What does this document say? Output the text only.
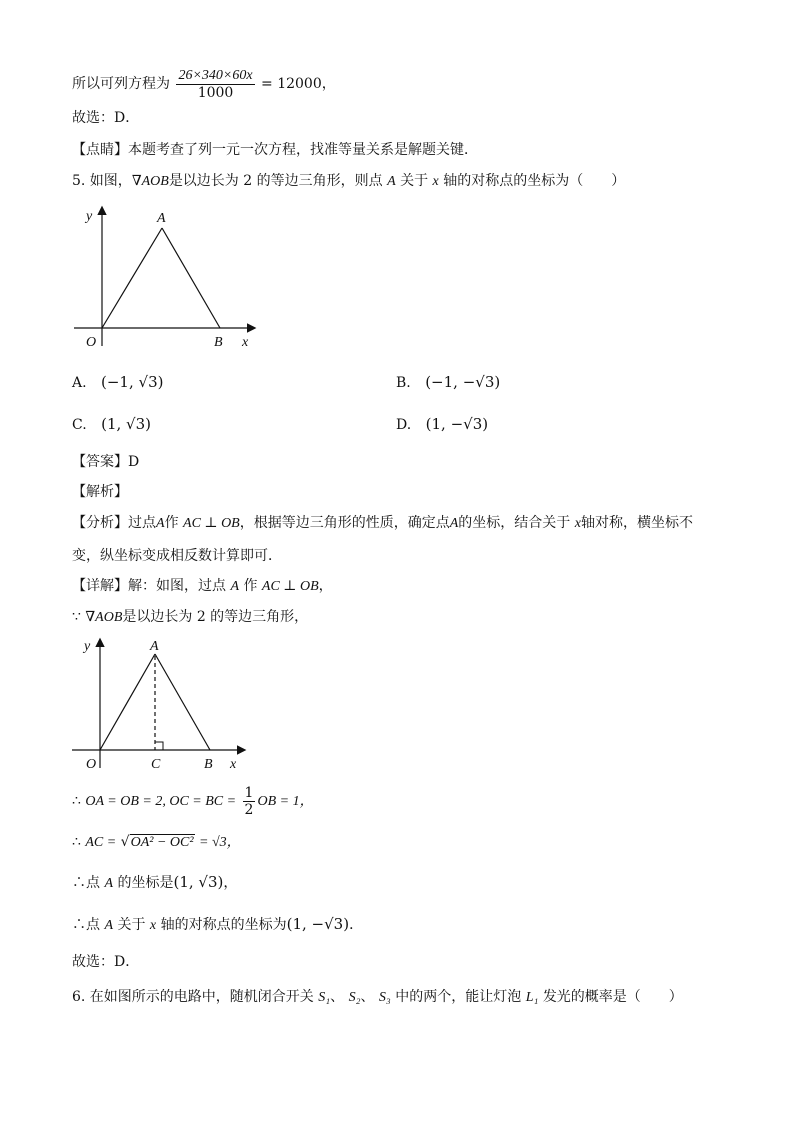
所以可列方程为 $\frac{26\times 340\times 60x}{1000} = 12000$，
故选：D．
【点睛】本题考查了列一元一次方程，找准等量关系是解题关键．
5. 如图，∇AOB是以边长为 2 的等边三角形，则点 A 关于 x 轴的对称点的坐标为（　　）
y	A
O	B x
A. (−1, √3)	B. (−1, −√3)
C. (1, √3)	D. (1, −√3)
【答案】D
【解析】
【分析】过点A作 AC ⊥ OB，根据等边三角形的性质，确定点A的坐标，结合关于 x轴对称，横坐标不
变，纵坐标变成相反数计算即可．
【详解】解：如图，过点 A 作 AC ⊥ OB，
∵ ∇AOB是以边长为 2 的等边三角形，
y	A
O	C	B x
∴ OA = OB = 2, OC = BC = $\frac{1}{2}$ OB = 1，
∴ AC = √OA² − OC² = √3，
∴点 A 的坐标是(1, √3)，
∴点 A 关于 x 轴的对称点的坐标为(1, −√3)．
故选：D．
6. 在如图所示的电路中，随机闭合开关 S₁、 S₂、 S₃ 中的两个，能让灯泡 L₁ 发光的概率是（　　）
